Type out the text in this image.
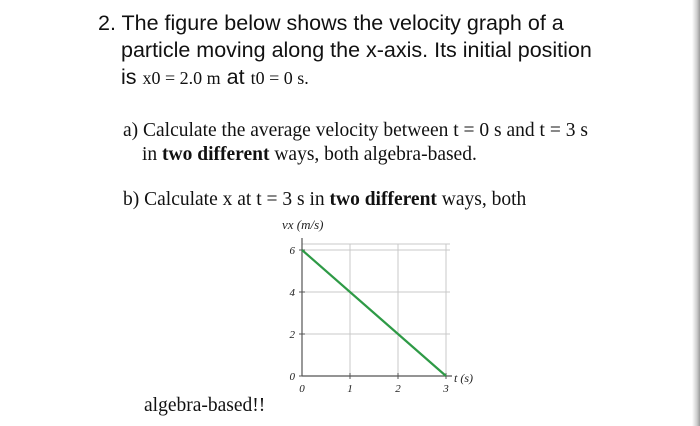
2. The figure below shows the velocity graph of a
particle moving along the x-axis. Its initial position
is x0 = 2.0 m at t0 = 0 s.
a) Calculate the average velocity between t = 0 s and t = 3 s
in two different ways, both algebra-based.
b) Calculate x at t = 3 s in two different ways, both
algebra-based!!
0
2
4
6
0	1	2	3
vx (m/s)
t (s)
